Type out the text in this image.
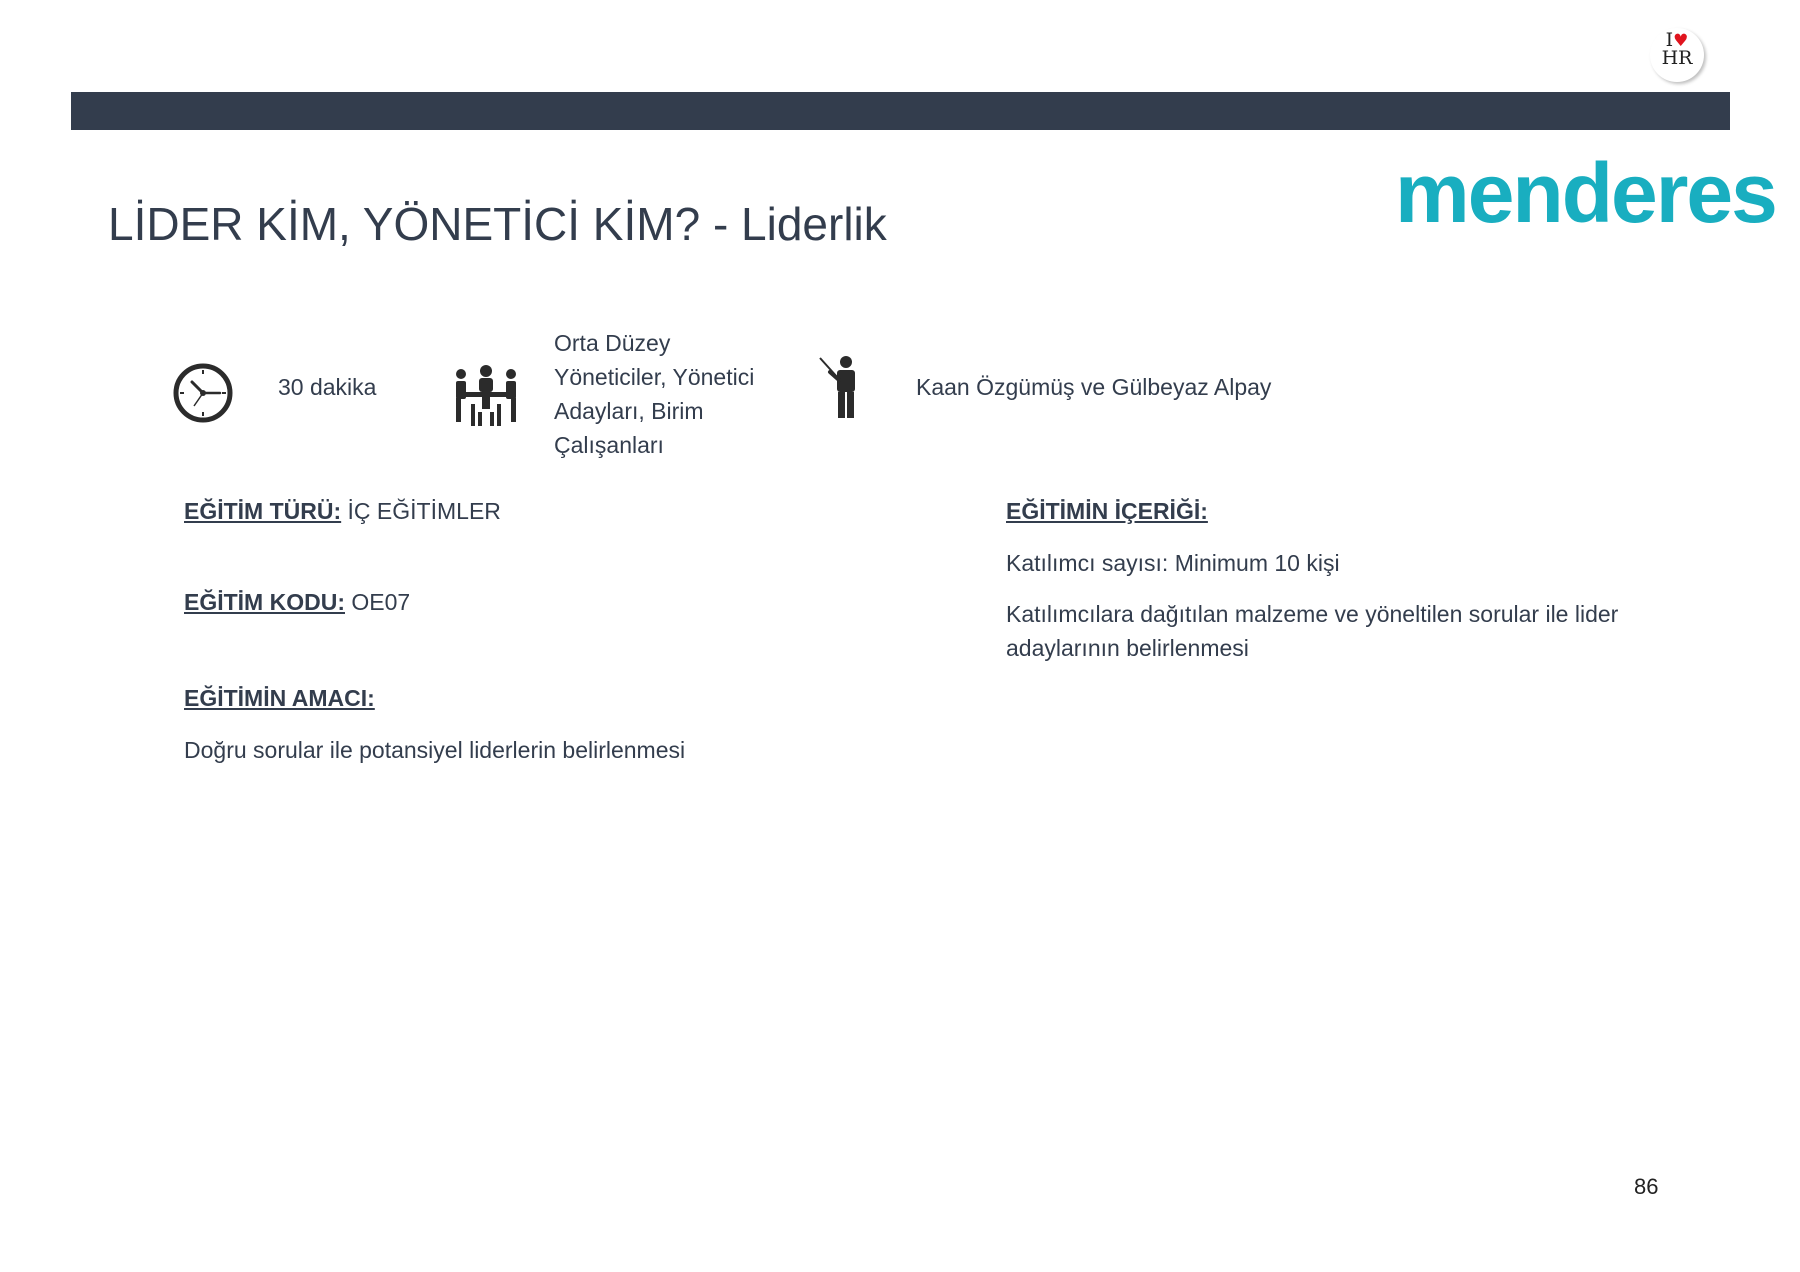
I♥
HR
menderes
LİDER KİM, YÖNETİCİ KİM? - Liderlik
30 dakika
Orta Düzey
Yöneticiler, Yönetici
Adayları, Birim
Çalışanları
Kaan Özgümüş ve Gülbeyaz Alpay
EĞİTİM TÜRÜ: İÇ EĞİTİMLER
EĞİTİM KODU: OE07
EĞİTİMİN AMACI:
Doğru sorular ile potansiyel liderlerin belirlenmesi
EĞİTİMİN İÇERİĞİ:
Katılımcı sayısı: Minimum 10 kişi
Katılımcılara dağıtılan malzeme ve yöneltilen sorular ile lider
adaylarının belirlenmesi
86
